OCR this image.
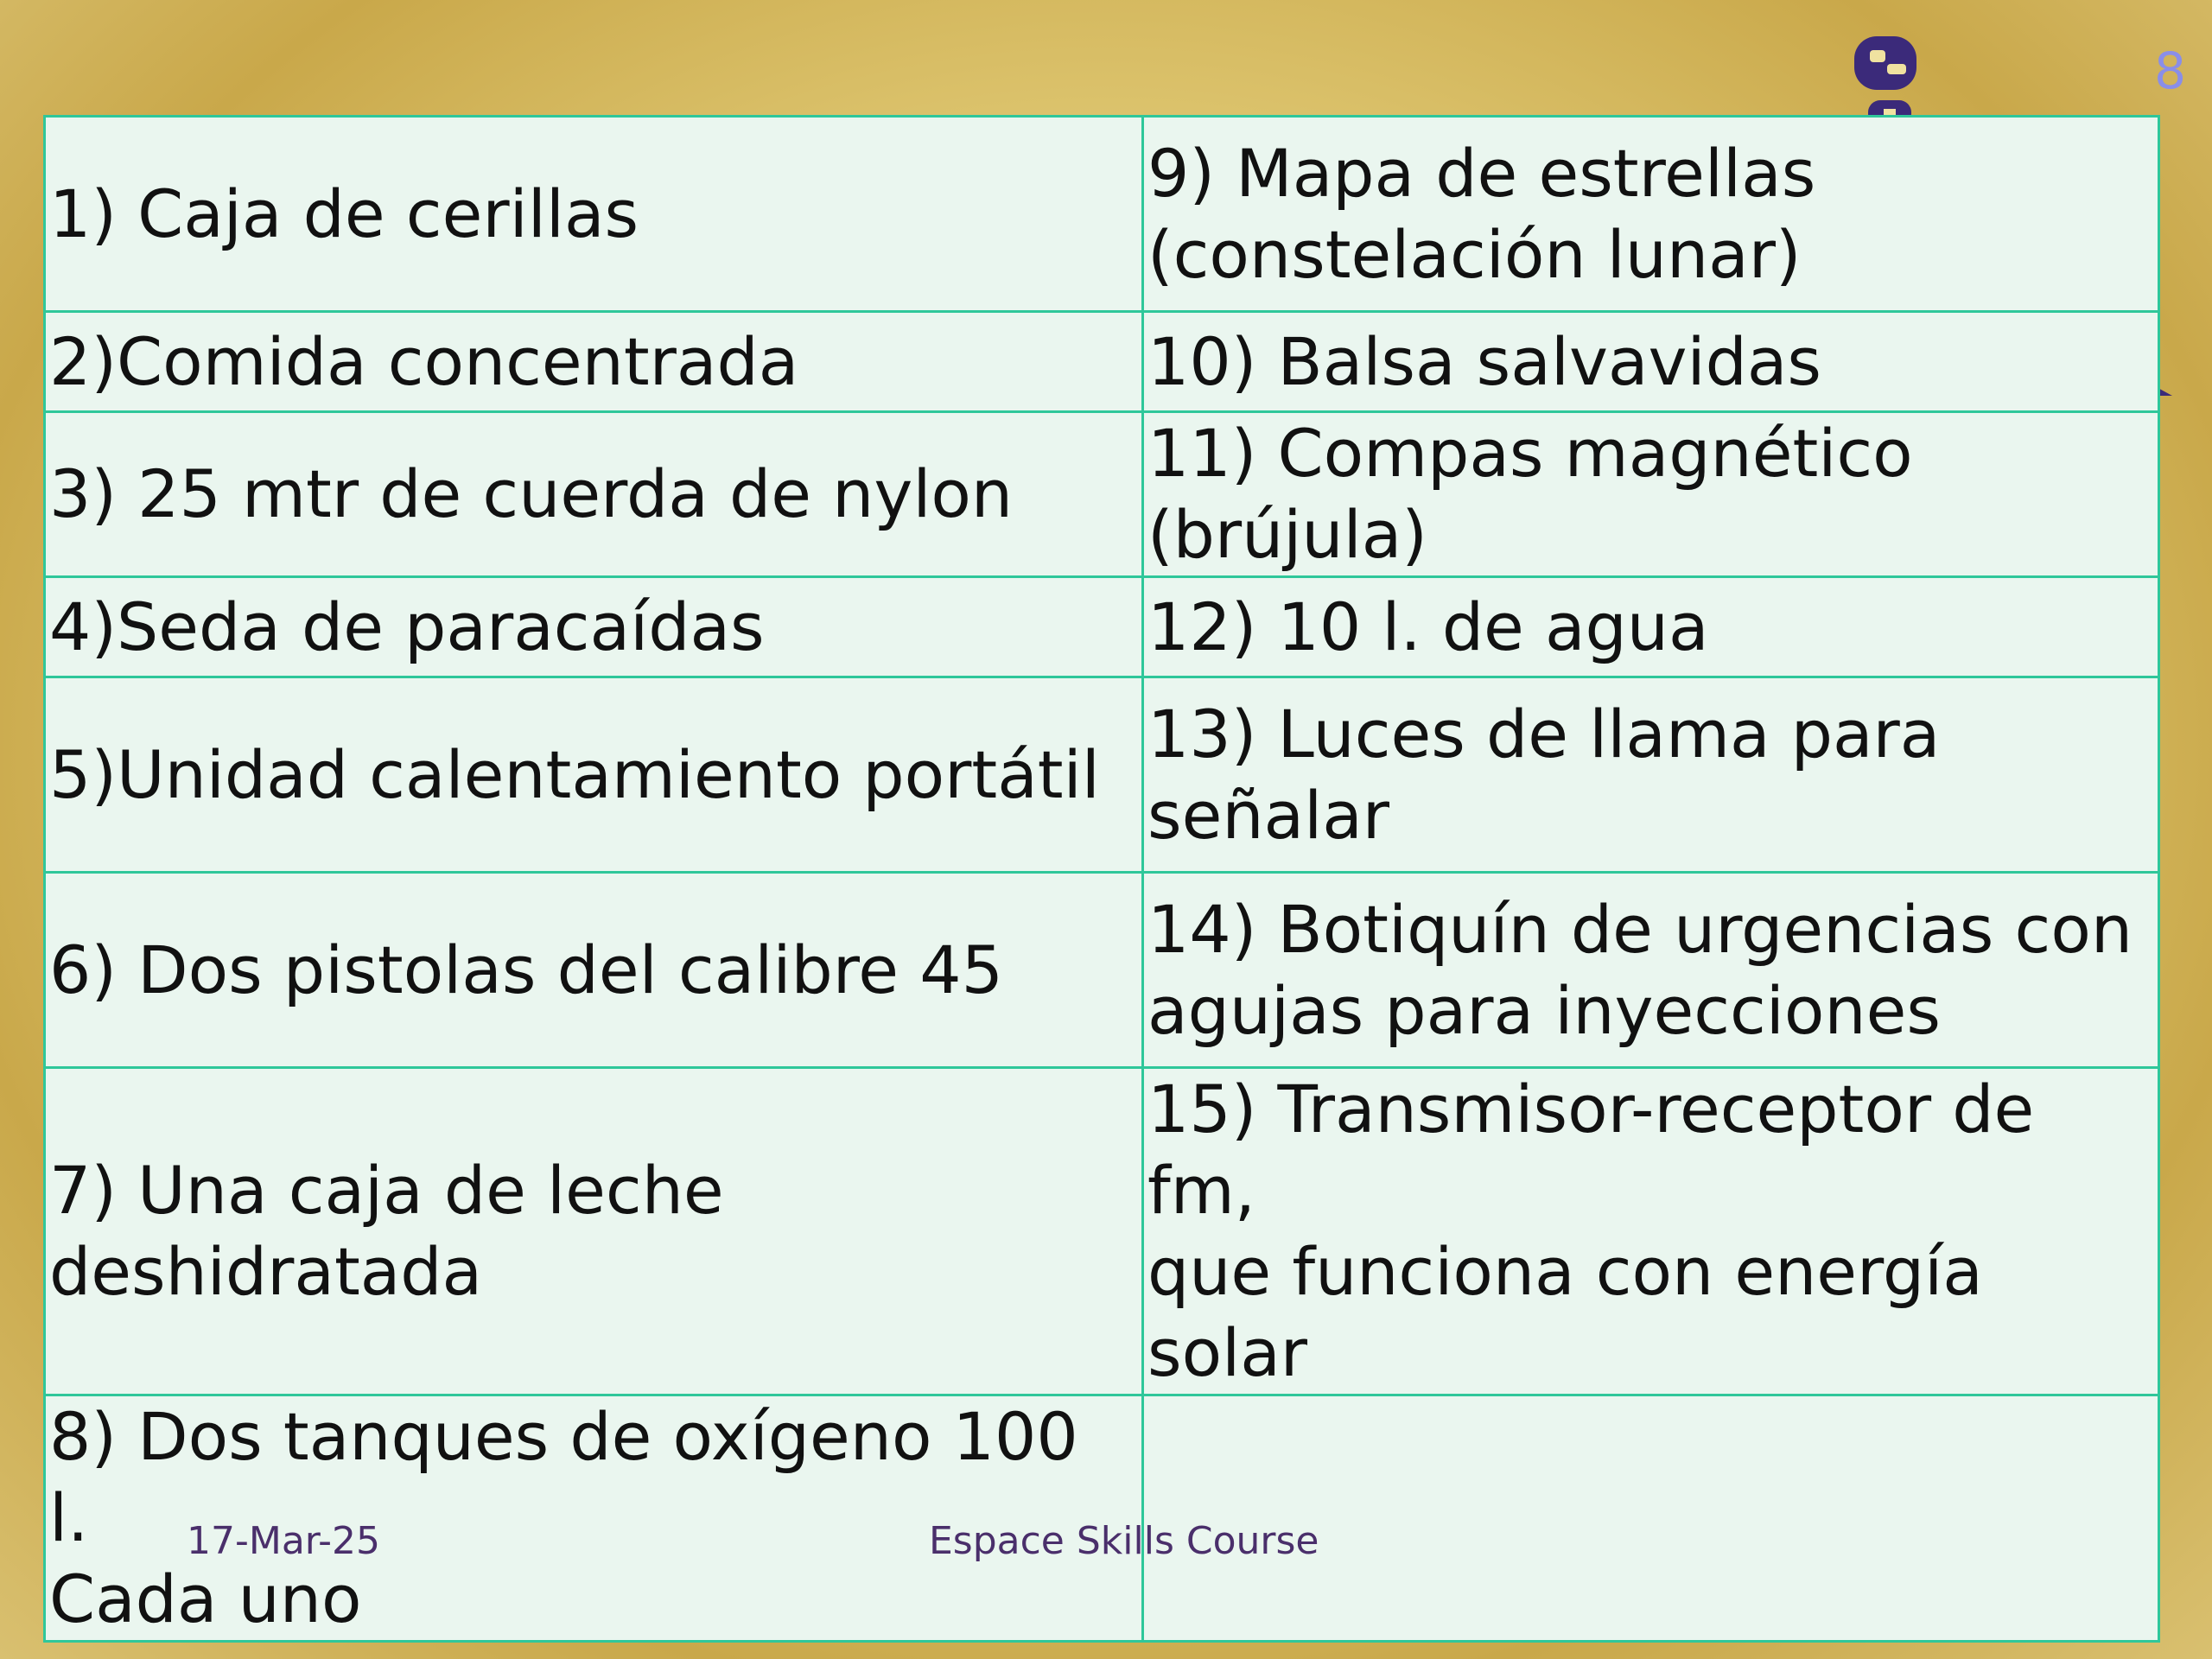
8
1) Caja de cerillas	9) Mapa de estrellas
(constelación lunar)
2)Comida concentrada	10) Balsa salvavidas
3) 25 mtr de cuerda de nylon	11) Compas magnético (brújula)
4)Seda de paracaídas	12) 10 l. de agua
5)Unidad calentamiento portátil	13) Luces de llama para señalar
6) Dos pistolas del calibre 45	14) Botiquín de urgencias con
agujas para inyecciones
7) Una caja de leche deshidratada	15) Transmisor-receptor de fm,
que funciona con energía solar
8) Dos tanques de oxígeno 100 l.
Cada uno	
17-Mar-25	Espace Skills Course
